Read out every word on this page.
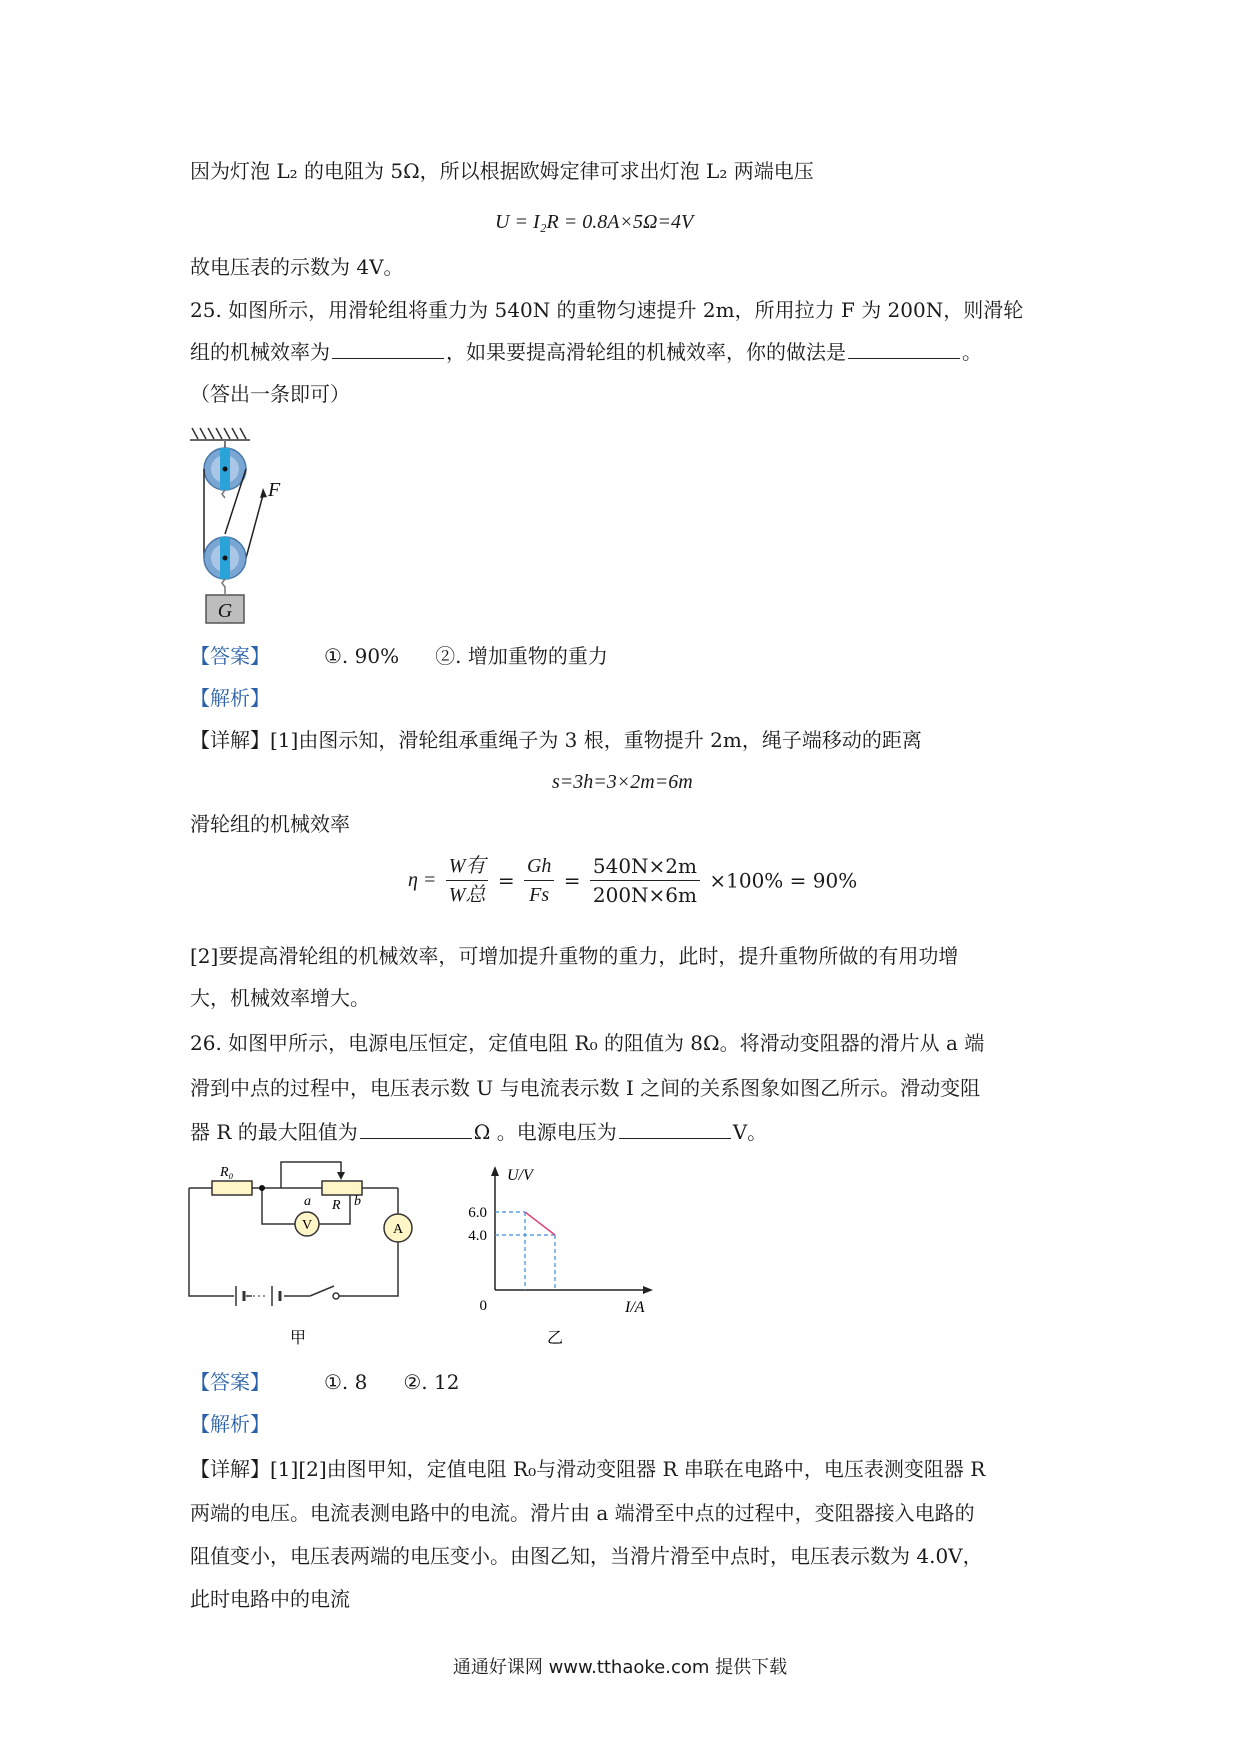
因为灯泡 L₂ 的电阻为 5Ω，所以根据欧姆定律可求出灯泡 L₂ 两端电压
U = I₂R = 0.8A×5Ω=4V
故电压表的示数为 4V。
25. 如图所示，用滑轮组将重力为 540N 的重物匀速提升 2m，所用拉力 F 为 200N，则滑轮
组的机械效率为	，如果要提高滑轮组的机械效率，你的做法是	。
（答出一条即可）
F
G
【答案】	①. 90% ②. 增加重物的重力
【解析】
【详解】[1]由图示知，滑轮组承重绳子为 3 根，重物提升 2m，绳子端移动的距离
s=3h=3×2m=6m
滑轮组的机械效率
$\eta = \frac{\text{W有}}{\text{W总}} = \frac{Gh}{Fs} = \frac{540N\times 2m}{200N\times 6m} \times 100\% = 90\%$
[2]要提高滑轮组的机械效率，可增加提升重物的重力，此时，提升重物所做的有用功增
大，机械效率增大。
26. 如图甲所示，电源电压恒定，定值电阻 R₀ 的阻值为 8Ω。将滑动变阻器的滑片从 a 端
滑到中点的过程中，电压表示数 U 与电流表示数 I 之间的关系图象如图乙所示。滑动变阻
器 R 的最大阻值为	Ω 。电源电压为	V。
R₀
a R b
V	A
甲
U/V
I/A
0
6.0
4.0
乙
【答案】	①. 8 ②. 12
【解析】
【详解】[1][2]由图甲知，定值电阻 R₀与滑动变阻器 R 串联在电路中，电压表测变阻器 R
两端的电压。电流表测电路中的电流。滑片由 a 端滑至中点的过程中，变阻器接入电路的
阻值变小，电压表两端的电压变小。由图乙知，当滑片滑至中点时，电压表示数为 4.0V，
此时电路中的电流
通通好课网 www.tthaoke.com 提供下载
